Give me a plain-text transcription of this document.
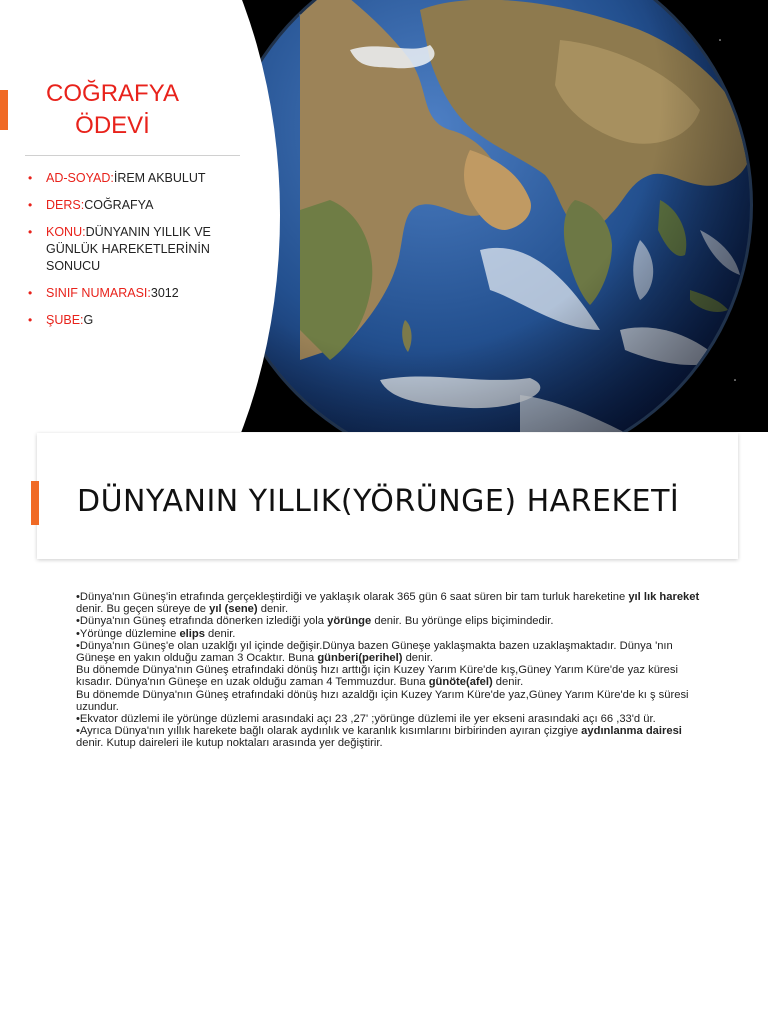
COĞRAFYA
ÖDEVİ
• AD-SOYAD:İREM AKBULUT
• DERS:COĞRAFYA
• KONU:DÜNYANIN YILLIK VE GÜNLÜK HAREKETLERİNİN SONUCU
• SINIF NUMARASI:3012
• ŞUBE:G
DÜNYANIN YILLIK(YÖRÜNGE) HAREKETİ

•Dünya'nın Güneş'in etrafında gerçekleştirdiği ve yaklaşık olarak 365 gün 6 saat süren bir tam turluk hareketine yıl lık hareket denir. Bu geçen süreye de yıl (sene) denir.

•Dünya'nın Güneş etrafında dönerken izlediği yola yörünge denir. Bu yörünge elips biçimindedir.

•Yörünge düzlemine elips denir.

•Dünya'nın Güneş'e olan uzaklğı yıl içinde değişir.Dünya bazen Güneşe yaklaşmakta bazen uzaklaşmaktadır. Dünya 'nın Güneşe en yakın olduğu zaman 3 Ocaktır. Buna günberi(perihel) denir.

Bu dönemde Dünya'nın Güneş etrafındaki dönüş hızı arttığı için Kuzey Yarım Küre'de kış,Güney Yarım Küre'de yaz küresi kısadır. Dünya'nın Güneşe en uzak olduğu zaman 4 Temmuzdur. Buna günöte(afel) denir.

Bu dönemde Dünya'nın Güneş etrafındaki dönüş hızı azaldğı için Kuzey Yarım Küre'de yaz,Güney Yarım Küre'de kı ş süresi uzundur.

•Ekvator düzlemi ile yörünge düzlemi arasındaki açı 23 ,27' ;yörünge düzlemi ile yer ekseni arasındaki açı 66 ,33'd ür.

•Ayrıca Dünya'nın yıllık harekete bağlı olarak aydınlık ve karanlık kısımlarını birbirinden ayıran çizgiye aydınlanma dairesi denir. Kutup daireleri ile kutup noktaları arasında yer değiştirir.
